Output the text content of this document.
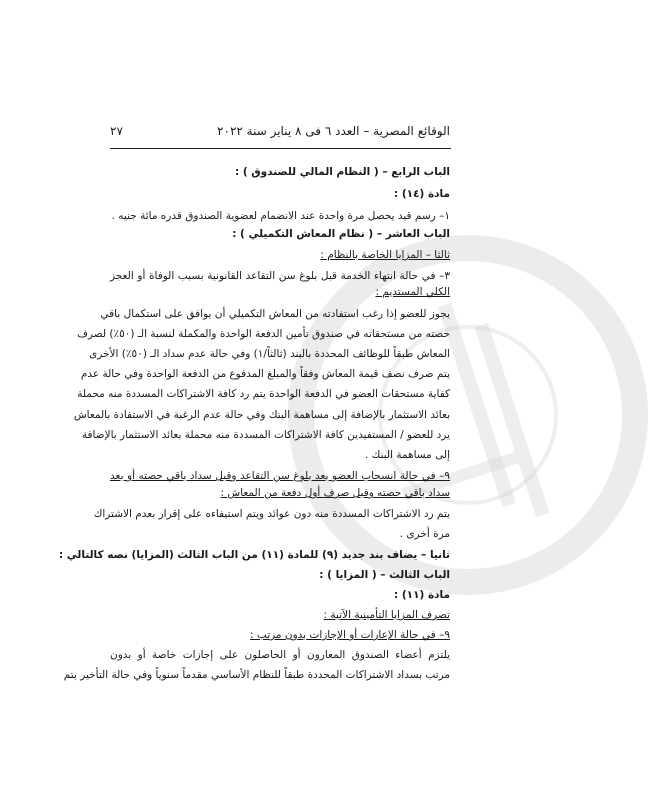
الوقائع المصرية – العدد ٦ فى ٨ يناير سنة ٢٠٢٢
٢٧
الباب الرابع – ( النظام المالي للصندوق ) :
مادة (١٤) :
١– رسم قيد يحصل مرة واحدة عند الانضمام لعضوية الصندوق قدره مائة جنيه .
الباب العاشر – ( نظام المعاش التكميلي ) :
ثالثا – المزايا الخاصة بالنظام :
٣– في حالة انتهاء الخدمة قبل بلوغ سن التقاعد القانونية بسبب الوفاة أو العجز
الكلي المستديم :
يجوز للعضو إذا رغب استفادته من المعاش التكميلي أن يوافق على استكمال باقي
حصته من مستحقاته في صندوق تأمين الدفعة الواحدة والمكملة لنسبة الـ (٥٠٪) لصرف
المعاش طبقاً للوظائف المحددة بالبند (ثالثاً/١) وفي حالة عدم سداد الـ (٥٠٪) الأخرى
يتم صرف نصف قيمة المعاش وفقاً والمبلغ المدفوع من الدفعة الواحدة وفي حالة عدم
كفاية مستحقات العضو في الدفعة الواحدة يتم رد كافة الاشتراكات المسددة منه محملة
بعائد الاستثمار بالإضافة إلى مساهمة البنك وفي حالة عدم الرغبة في الاستفادة بالمعاش
يرد للعضو / المستفيدين كافة الاشتراكات المسددة منه محملة بعائد الاستثمار بالإضافة
إلى مساهمة البنك .
٩– في حالة انسحاب العضو بعد بلوغ سن التقاعد وقبل سداد باقي حصته أو بعد
سداد باقي حصته وقبل صرف أول دفعة من المعاش :
يتم رد الاشتراكات المسددة منه دون عوائد ويتم استيفاءه على إقرار بعدم الاشتراك
مرة أخرى .
ثانيا – يضاف بند جديد (٩) للمادة (١١) من الباب الثالث (المزايا) نصه كالتالي :
الباب الثالث – ( المزايا ) :
مادة (١١) :
تصرف المزايا التأمينية الآتية :
٩– في حالة الإعارات أو الإجازات بدون مرتب :
يلتزم أعضاء الصندوق المعارون أو الحاصلون على إجازات خاصة أو بدون
مرتب بسداد الاشتراكات المحددة طبقاً للنظام الأساسي مقدماً سنوياً وفي حالة التأخير يتم
